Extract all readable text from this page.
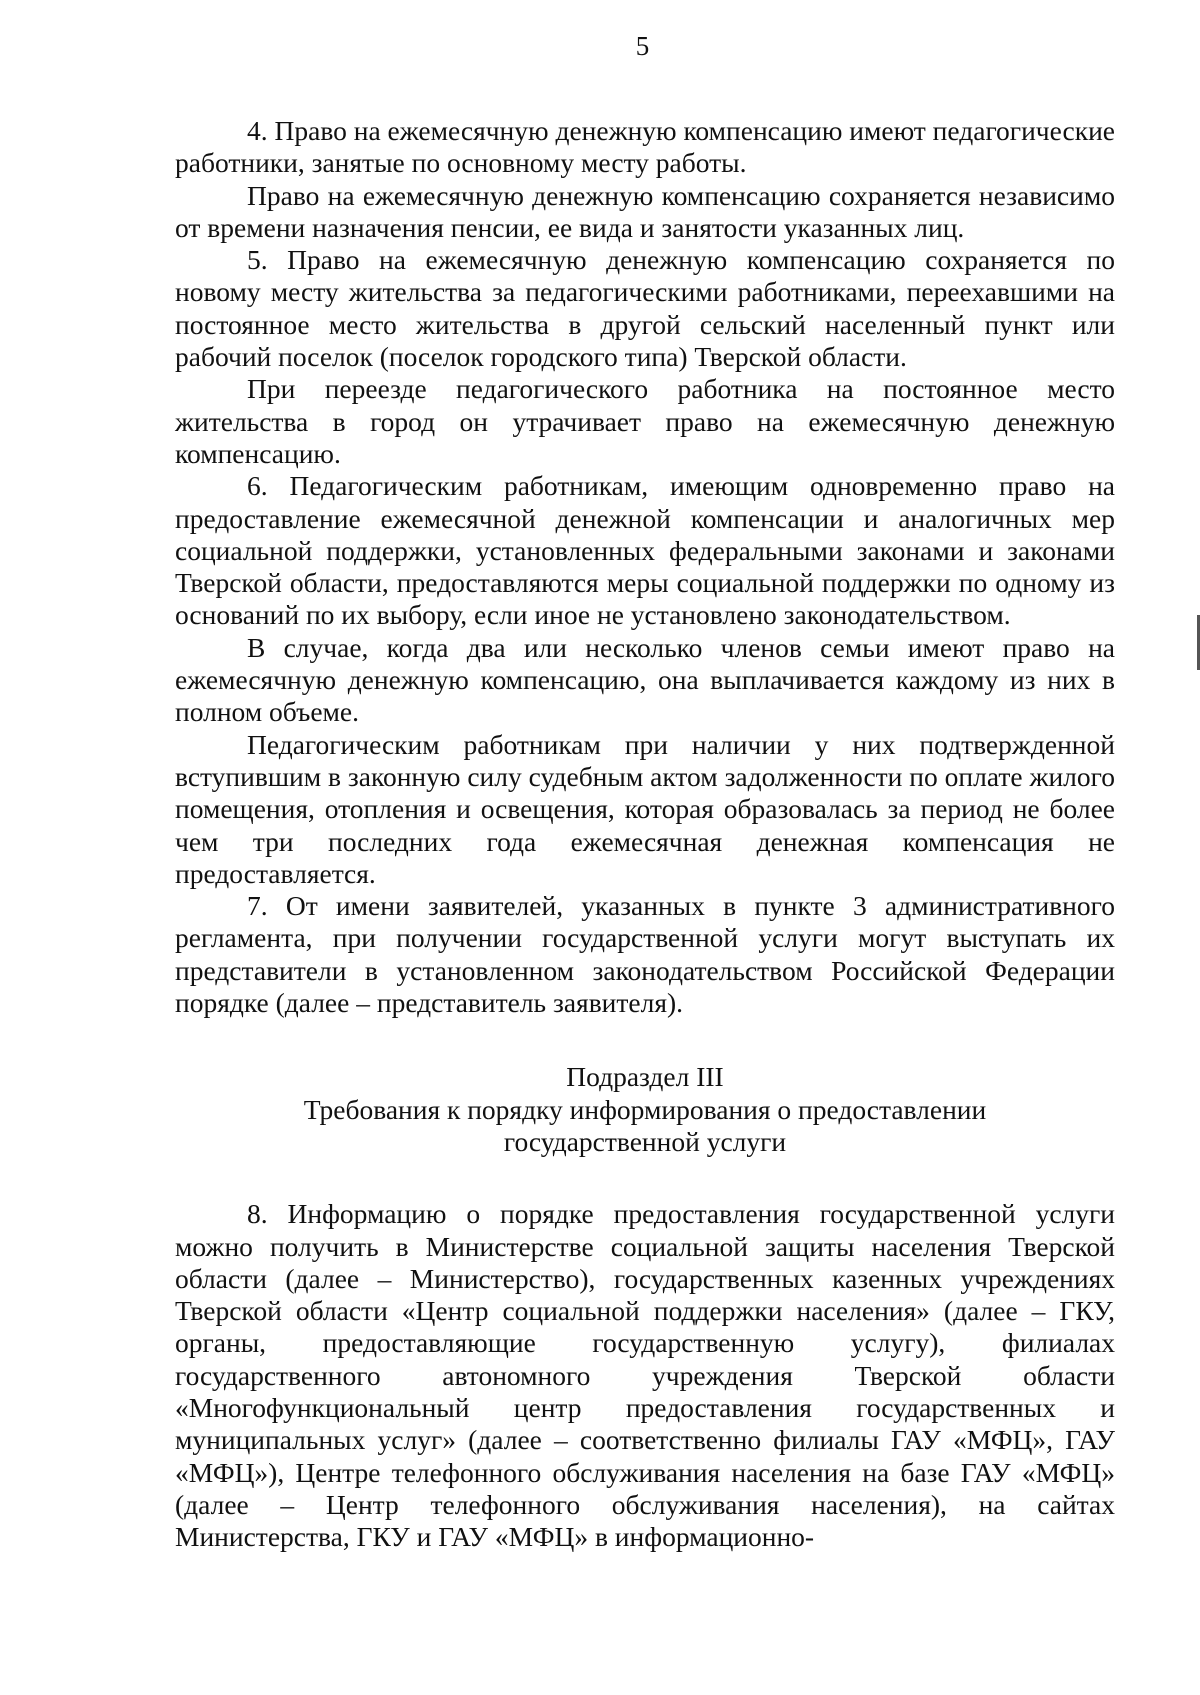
5

4. Право на ежемесячную денежную компенсацию имеют педагогические работники, занятые по основному месту работы.

Право на ежемесячную денежную компенсацию сохраняется независимо от времени назначения пенсии, ее вида и занятости указанных лиц.

5. Право на ежемесячную денежную компенсацию сохраняется по новому месту жительства за педагогическими работниками, переехавшими на постоянное место жительства в другой сельский населенный пункт или рабочий поселок (поселок городского типа) Тверской области.

При переезде педагогического работника на постоянное место жительства в город он утрачивает право на ежемесячную денежную компенсацию.

6. Педагогическим работникам, имеющим одновременно право на предоставление ежемесячной денежной компенсации и аналогичных мер социальной поддержки, установленных федеральными законами и законами Тверской области, предоставляются меры социальной поддержки по одному из оснований по их выбору, если иное не установлено законодательством.

В случае, когда два или несколько членов семьи имеют право на ежемесячную денежную компенсацию, она выплачивается каждому из них в полном объеме.

Педагогическим работникам при наличии у них подтвержденной вступившим в законную силу судебным актом задолженности по оплате жилого помещения, отопления и освещения, которая образовалась за период не более чем три последних года ежемесячная денежная компенсация не предоставляется.

7. От имени заявителей, указанных в пункте 3 административного регламента, при получении государственной услуги могут выступать их представители в установленном законодательством Российской Федерации порядке (далее – представитель заявителя).

Подраздел III

Требования к порядку информирования о предоставлении

государственной услуги

8. Информацию о порядке предоставления государственной услуги можно получить в Министерстве социальной защиты населения Тверской области (далее – Министерство), государственных казенных учреждениях Тверской области «Центр социальной поддержки населения» (далее – ГКУ, органы, предоставляющие государственную услугу), филиалах государственного автономного учреждения Тверской области «Многофункциональный центр предоставления государственных и муниципальных услуг» (далее – соответственно филиалы ГАУ «МФЦ», ГАУ «МФЦ»), Центре телефонного обслуживания населения на базе ГАУ «МФЦ» (далее – Центр телефонного обслуживания населения), на сайтах Министерства, ГКУ и ГАУ «МФЦ» в информационно-
